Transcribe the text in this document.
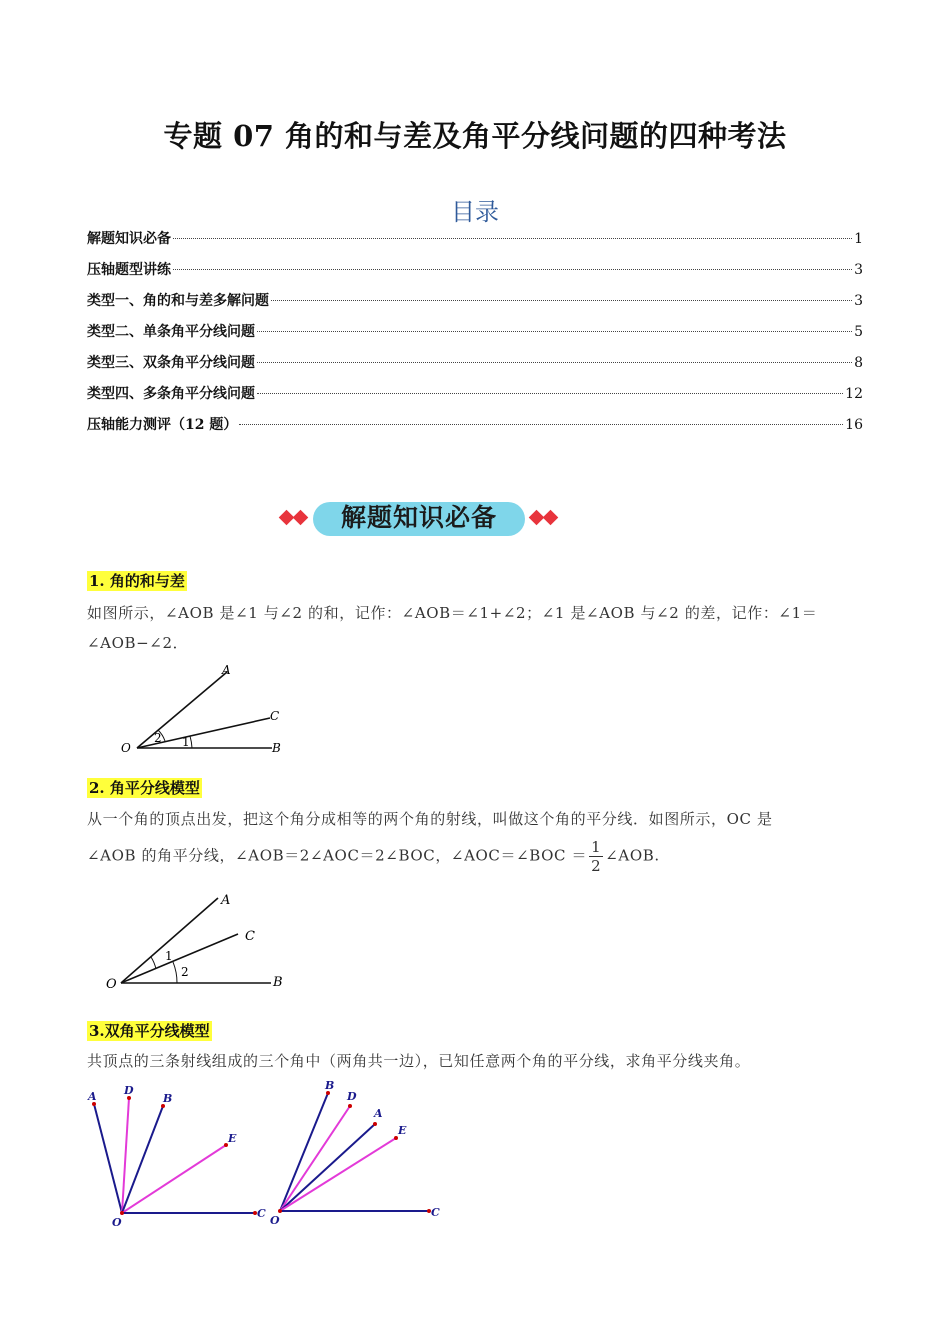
专题 07 角的和与差及角平分线问题的四种考法
目录
解题知识必备	1
压轴题型讲练	3
类型一、角的和与差多解问题	3
类型二、单条角平分线问题	5
类型三、双条角平分线问题	8
类型四、多条角平分线问题	12
压轴能力测评（12 题）	16
解题知识必备
1. 角的和与差
如图所示，∠AOB 是∠1 与∠2 的和，记作：∠AOB＝∠1+∠2；∠1 是∠AOB 与∠2 的差，记作：∠1＝
∠AOB−∠2．
A
C
O	B
1
2
2. 角平分线模型
从一个角的顶点出发，把这个角分成相等的两个角的射线，叫做这个角的平分线．如图所示，OC 是
∠AOB 的角平分线，∠AOB＝2∠AOC＝2∠BOC，∠AOC＝∠BOC ＝ $\frac{1}{2}$ ∠AOB.
A
C
O	B
1
2
3.双角平分线模型
共顶点的三条射线组成的三个角中（两角共一边），已知任意两个角的平分线，求角平分线夹角。
A D
B
E
O
C
B
D
A
E
O
C
